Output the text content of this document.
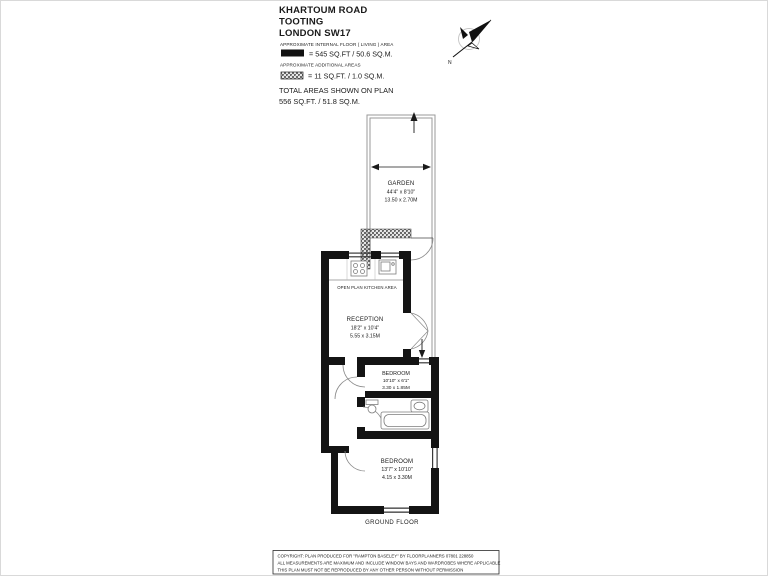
KHARTOUM ROAD
TOOTING
LONDON SW17
APPROXIMATE INTERNAL FLOOR ( LIVING ) AREA
= 545 SQ.FT / 50.6 SQ.M.
APPROXIMATE ADDITIONAL AREAS
= 11 SQ.FT. / 1.0 SQ.M.
TOTAL AREAS SHOWN ON PLAN
556 SQ.FT. / 51.8 SQ.M.
N
GARDEN
44'4" x 8'10"
13.50 x 2.70M
OPEN PLAN KITCHEN AREA
RECEPTION
18'2" x 10'4"
5.55 x 3.15M
BEDROOM
10'10" x 6'1"
3.30 x 1.85M
BEDROOM
13'7" x 10'10"
4.15 x 3.30M
GROUND FLOOR
COPYRIGHT: PLAN PRODUCED FOR "RAMPTON BASELEY" BY FLOORPLANNERS 07801 228850
ALL MEASUREMENTS ARE MAXIMUM AND INCLUDE WINDOW BAYS AND WARDROBES WHERE APPLICABLE
THIS PLAN MUST NOT BE REPRODUCED BY ANY OTHER PERSON WITHOUT PERMISSION
